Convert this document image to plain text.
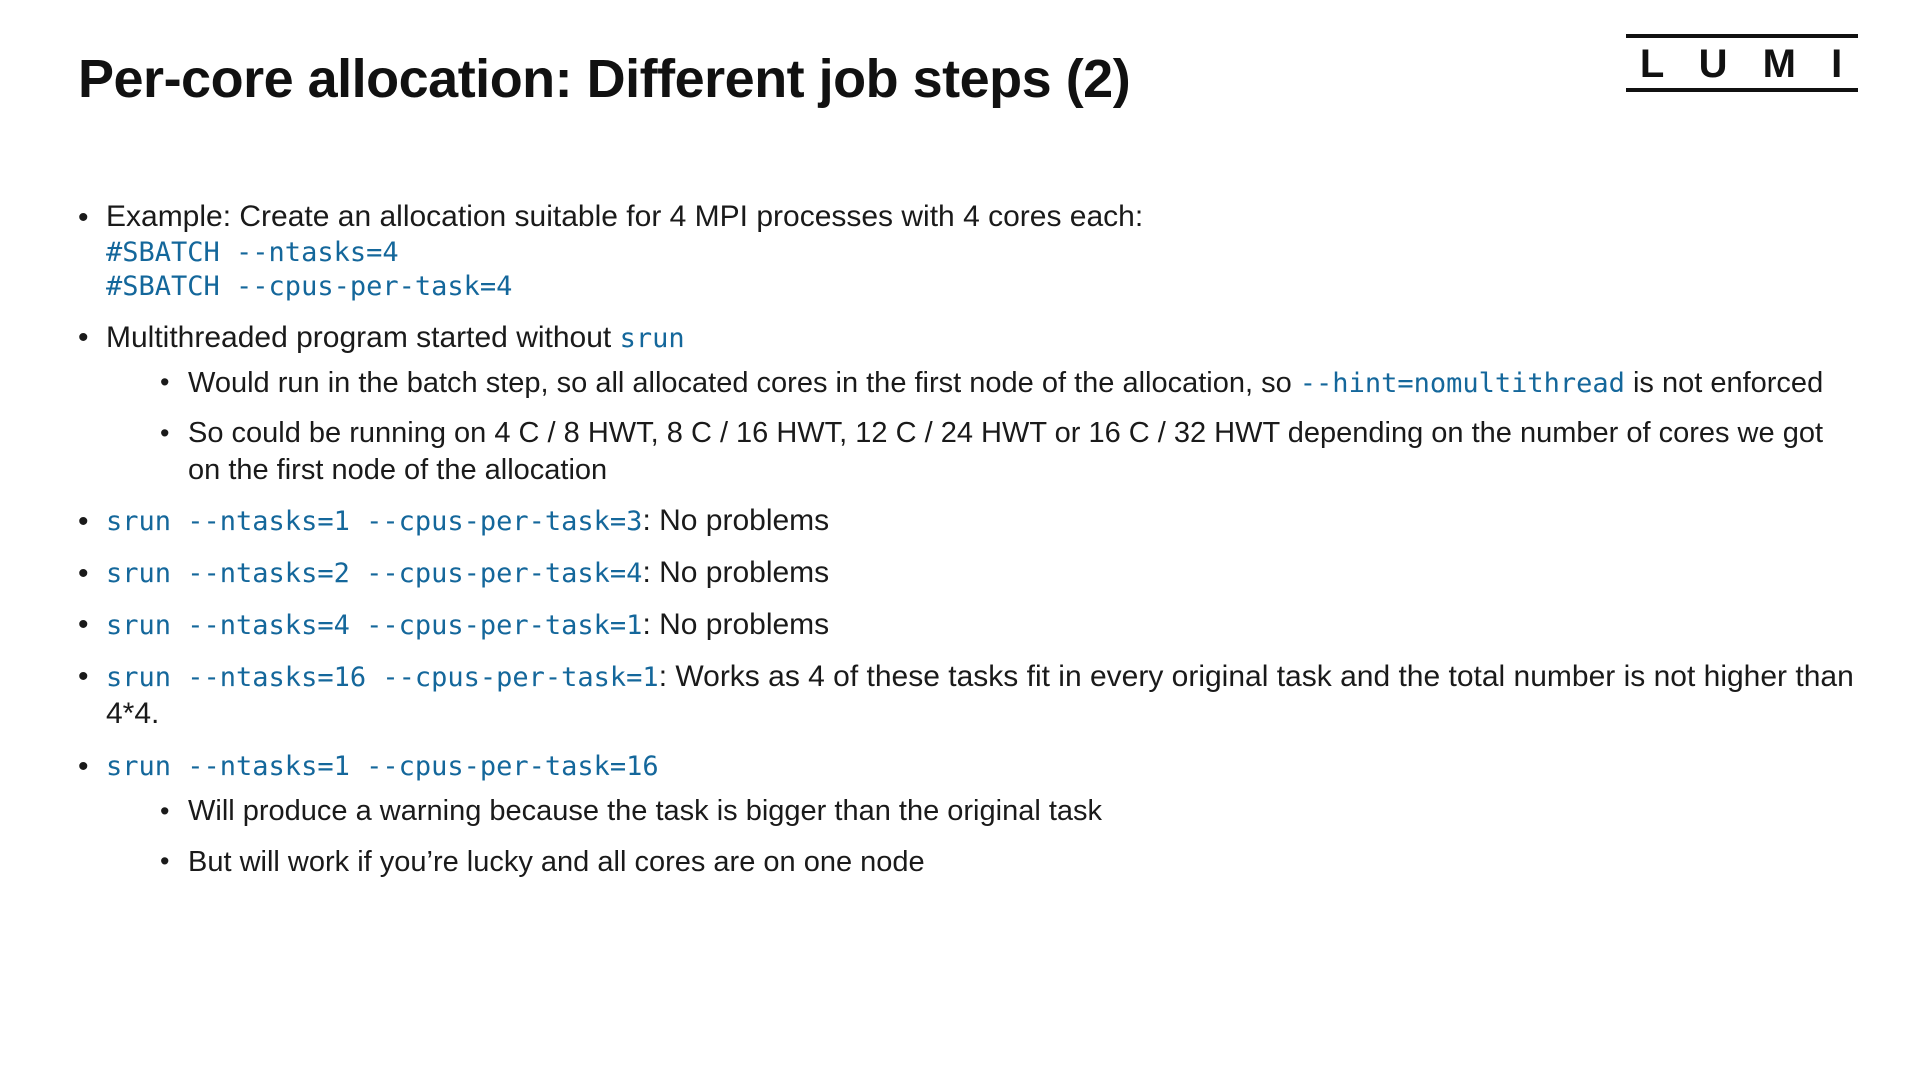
L U M I
Per-core allocation: Different job steps (2)
• Example: Create an allocation suitable for 4 MPI processes with 4 cores each:
#SBATCH --ntasks=4
#SBATCH --cpus-per-task=4
• Multithreaded program started without srun
• Would run in the batch step, so all allocated cores in the first node of the allocation, so --hint=nomultithread is not enforced
• So could be running on 4 C / 8 HWT, 8 C / 16 HWT, 12 C / 24 HWT or 16 C / 32 HWT depending on the number of cores we got on the first node of the allocation
• srun --ntasks=1 --cpus-per-task=3: No problems
• srun --ntasks=2 --cpus-per-task=4: No problems
• srun --ntasks=4 --cpus-per-task=1: No problems
• srun --ntasks=16 --cpus-per-task=1: Works as 4 of these tasks fit in every original task and the total number is not higher than 4*4.
• srun --ntasks=1 --cpus-per-task=16
• Will produce a warning because the task is bigger than the original task
• But will work if you’re lucky and all cores are on one node
